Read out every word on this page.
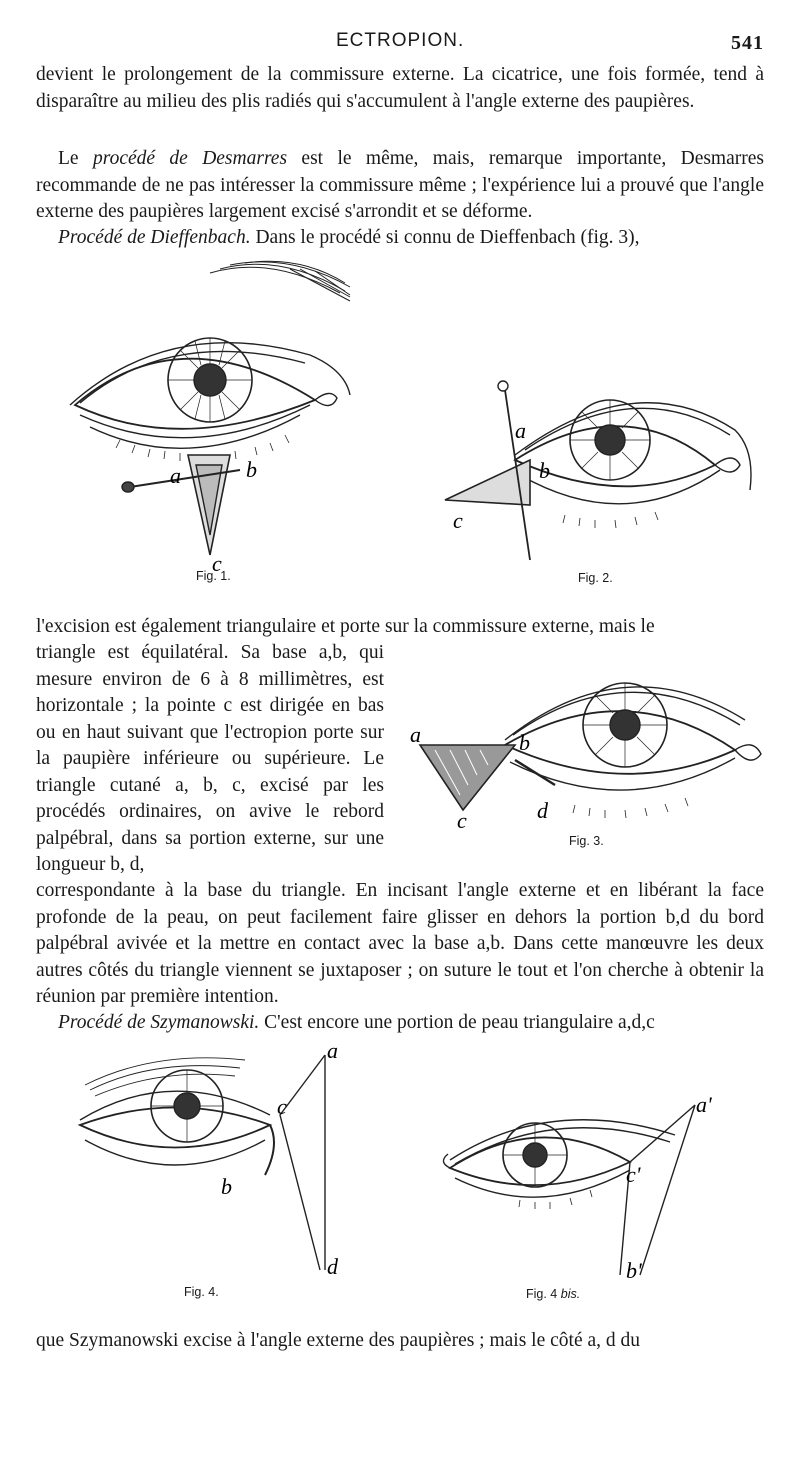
ECTROPION.	541

devient le prolongement de la commissure externe. La cicatrice, une fois formée, tend à disparaître au milieu des plis radiés qui s'accumulent à l'angle externe des paupières.

Le procédé de Desmarres est le même, mais, remarque importante, Desmarres recommande de ne pas intéresser la commissure même ; l'expérience lui a prouvé que l'angle externe des paupières largement excisé s'arrondit et se déforme.

Procédé de Dieffenbach. Dans le procédé si connu de Dieffenbach (fig. 3),

a	b
c
Fig. 1.
a
b
c
Fig. 2.

l'excision est également triangulaire et porte sur la commissure externe, mais le

triangle est équilatéral. Sa base a,b, qui mesure environ de 6 à 8 millimètres, est horizontale ; la pointe c est dirigée en bas ou en haut suivant que l'ectropion porte sur la paupière inférieure ou supérieure. Le triangle cutané a, b, c, excisé par les procédés ordinaires, on avive le rebord palpébral, dans sa portion externe, sur une longueur b, d,

a	b
c	d
Fig. 3.

correspondante à la base du triangle. En incisant l'angle externe et en libérant la face profonde de la peau, on peut facilement faire glisser en dehors la portion b,d du bord palpébral avivée et la mettre en contact avec la base a,b. Dans cette manœuvre les deux autres côtés du triangle viennent se juxtaposer ; on suture le tout et l'on cherche à obtenir la réunion par première intention.

Procédé de Szymanowski. C'est encore une portion de peau triangulaire a,d,c

a
c
b
d
Fig. 4.
a'
c'
b'
Fig. 4 bis.

que Szymanowski excise à l'angle externe des paupières ; mais le côté a, d du
